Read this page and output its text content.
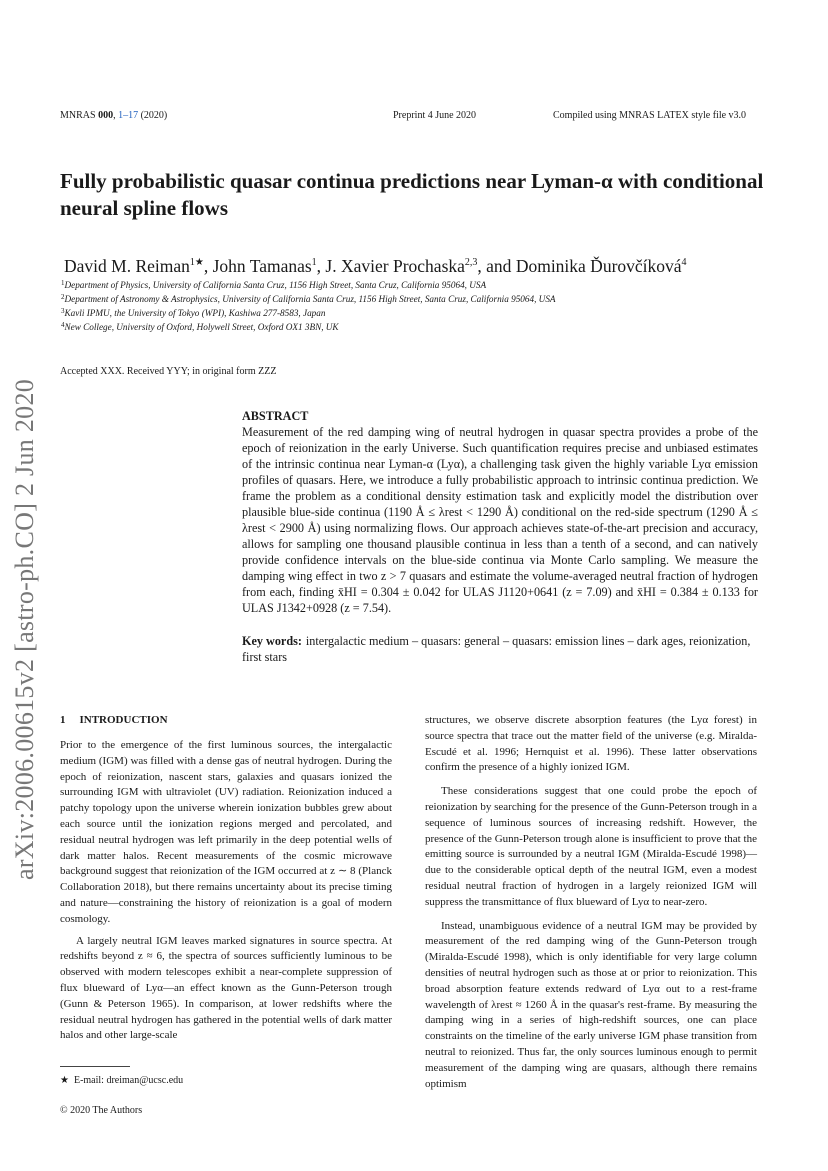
MNRAS 000, 1–17 (2020)	Preprint 4 June 2020	Compiled using MNRAS LATEX style file v3.0
arXiv:2006.00615v2 [astro-ph.CO] 2 Jun 2020
Fully probabilistic quasar continua predictions near Lyman-α with conditional neural spline flows
David M. Reiman$^{1★}$, John Tamanas$^1$, J. Xavier Prochaska$^{2,3}$, and Dominika Ďurovčíková$^4$
$^1$Department of Physics, University of California Santa Cruz, 1156 High Street, Santa Cruz, California 95064, USA
$^2$Department of Astronomy & Astrophysics, University of California Santa Cruz, 1156 High Street, Santa Cruz, California 95064, USA
$^3$Kavli IPMU, the University of Tokyo (WPI), Kashiwa 277-8583, Japan
$^4$New College, University of Oxford, Holywell Street, Oxford OX1 3BN, UK
Accepted XXX. Received YYY; in original form ZZZ
ABSTRACT
Measurement of the red damping wing of neutral hydrogen in quasar spectra provides a probe of the epoch of reionization in the early Universe. Such quantification requires precise and unbiased estimates of the intrinsic continua near Lyman-α (Lyα), a challenging task given the highly variable Lyα emission profiles of quasars. Here, we introduce a fully probabilistic approach to intrinsic continua prediction. We frame the problem as a conditional density estimation task and explicitly model the distribution over plausible blue-side continua (1190 Å ≤ λrest < 1290 Å) conditional on the red-side spectrum (1290 Å ≤ λrest < 2900 Å) using normalizing flows. Our approach achieves state-of-the-art precision and accuracy, allows for sampling one thousand plausible continua in less than a tenth of a second, and can natively provide confidence intervals on the blue-side continua via Monte Carlo sampling. We measure the damping wing effect in two z > 7 quasars and estimate the volume-averaged neutral fraction of hydrogen from each, finding x̄HI = 0.304 ± 0.042 for ULAS J1120+0641 (z = 7.09) and x̄HI = 0.384 ± 0.133 for ULAS J1342+0928 (z = 7.54).
Key words: intergalactic medium – quasars: general – quasars: emission lines – dark ages, reionization, first stars
1 INTRODUCTION

Prior to the emergence of the first luminous sources, the intergalactic medium (IGM) was filled with a dense gas of neutral hydrogen. During the epoch of reionization, nascent stars, galaxies and quasars ionized the surrounding IGM with ultraviolet (UV) radiation. Reionization induced a patchy topology upon the universe wherein ionization bubbles grew about each source until the ionization regions merged and percolated, and residual neutral hydrogen was left primarily in the deep potential wells of dark matter halos. Recent measurements of the cosmic microwave background suggest that reionization of the IGM occurred at z ∼ 8 (Planck Collaboration 2018), but there remains uncertainty about its precise timing and nature—constraining the history of reionization is a goal of modern cosmology.

A largely neutral IGM leaves marked signatures in source spectra. At redshifts beyond z ≈ 6, the spectra of sources sufficiently luminous to be observed with modern telescopes exhibit a near-complete suppression of flux blueward of Lyα—an effect known as the Gunn-Peterson trough (Gunn & Peterson 1965). In comparison, at lower redshifts where the residual neutral hydrogen has gathered in the potential wells of dark matter halos and other large-scale

structures, we observe discrete absorption features (the Lyα forest) in source spectra that trace out the matter field of the universe (e.g. Miralda-Escudé et al. 1996; Hernquist et al. 1996). These latter observations confirm the presence of a highly ionized IGM.

These considerations suggest that one could probe the epoch of reionization by searching for the presence of the Gunn-Peterson trough in a sequence of luminous sources of increasing redshift. However, the presence of the Gunn-Peterson trough alone is insufficient to prove that the emitting source is surrounded by a neutral IGM (Miralda-Escudé 1998)—due to the considerable optical depth of the neutral IGM, even a modest residual neutral fraction of hydrogen in a largely reionized IGM will suppress the transmittance of flux blueward of Lyα to near-zero.

Instead, unambiguous evidence of a neutral IGM may be provided by measurement of the red damping wing of the Gunn-Peterson trough (Miralda-Escudé 1998), which is only identifiable for very large column densities of neutral hydrogen such as those at or prior to reionization. This broad absorption feature extends redward of Lyα out to a rest-frame wavelength of λrest ≈ 1260 Å in the quasar's rest-frame. By measuring the damping wing in a series of high-redshift sources, one can place constraints on the timeline of the early universe IGM phase transition from neutral to reionized. Thus far, the only sources luminous enough to permit measurement of the damping wing are quasars, although there remains optimism

★ E-mail: dreiman@ucsc.edu
© 2020 The Authors
